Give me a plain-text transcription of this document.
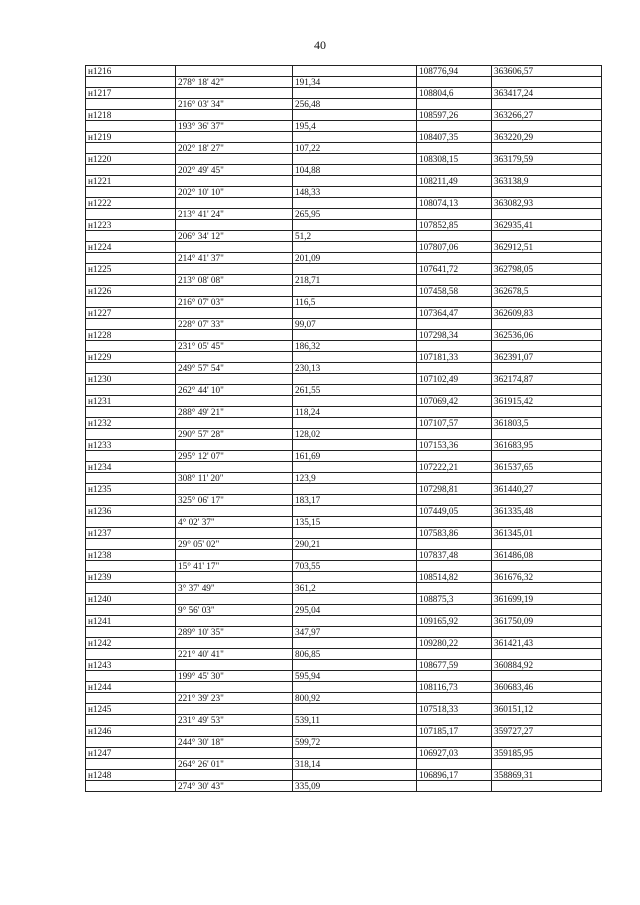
40
н1216			108776,94	363606,57
	278° 18' 42"	191,34		
н1217			108804,6	363417,24
	216° 03' 34"	256,48		
н1218			108597,26	363266,27
	193° 36' 37"	195,4		
н1219			108407,35	363220,29
	202° 18' 27"	107,22		
н1220			108308,15	363179,59
	202° 49' 45"	104,88		
н1221			108211,49	363138,9
	202° 10' 10"	148,33		
н1222			108074,13	363082,93
	213° 41' 24"	265,95		
н1223			107852,85	362935,41
	206° 34' 12"	51,2		
н1224			107807,06	362912,51
	214° 41' 37"	201,09		
н1225			107641,72	362798,05
	213° 08' 08"	218,71		
н1226			107458,58	362678,5
	216° 07' 03"	116,5		
н1227			107364,47	362609,83
	228° 07' 33"	99,07		
н1228			107298,34	362536,06
	231° 05' 45"	186,32		
н1229			107181,33	362391,07
	249° 57' 54"	230,13		
н1230			107102,49	362174,87
	262° 44' 10"	261,55		
н1231			107069,42	361915,42
	288° 49' 21"	118,24		
н1232			107107,57	361803,5
	290° 57' 28"	128,02		
н1233			107153,36	361683,95
	295° 12' 07"	161,69		
н1234			107222,21	361537,65
	308° 11' 20"	123,9		
н1235			107298,81	361440,27
	325° 06' 17"	183,17		
н1236			107449,05	361335,48
	4° 02' 37"	135,15		
н1237			107583,86	361345,01
	29° 05' 02"	290,21		
н1238			107837,48	361486,08
	15° 41' 17"	703,55		
н1239			108514,82	361676,32
	3° 37' 49"	361,2		
н1240			108875,3	361699,19
	9° 56' 03"	295,04		
н1241			109165,92	361750,09
	289° 10' 35"	347,97		
н1242			109280,22	361421,43
	221° 40' 41"	806,85		
н1243			108677,59	360884,92
	199° 45' 30"	595,94		
н1244			108116,73	360683,46
	221° 39' 23"	800,92		
н1245			107518,33	360151,12
	231° 49' 53"	539,11		
н1246			107185,17	359727,27
	244° 30' 18"	599,72		
н1247			106927,03	359185,95
	264° 26' 01"	318,14		
н1248			106896,17	358869,31
	274° 30' 43"	335,09		
